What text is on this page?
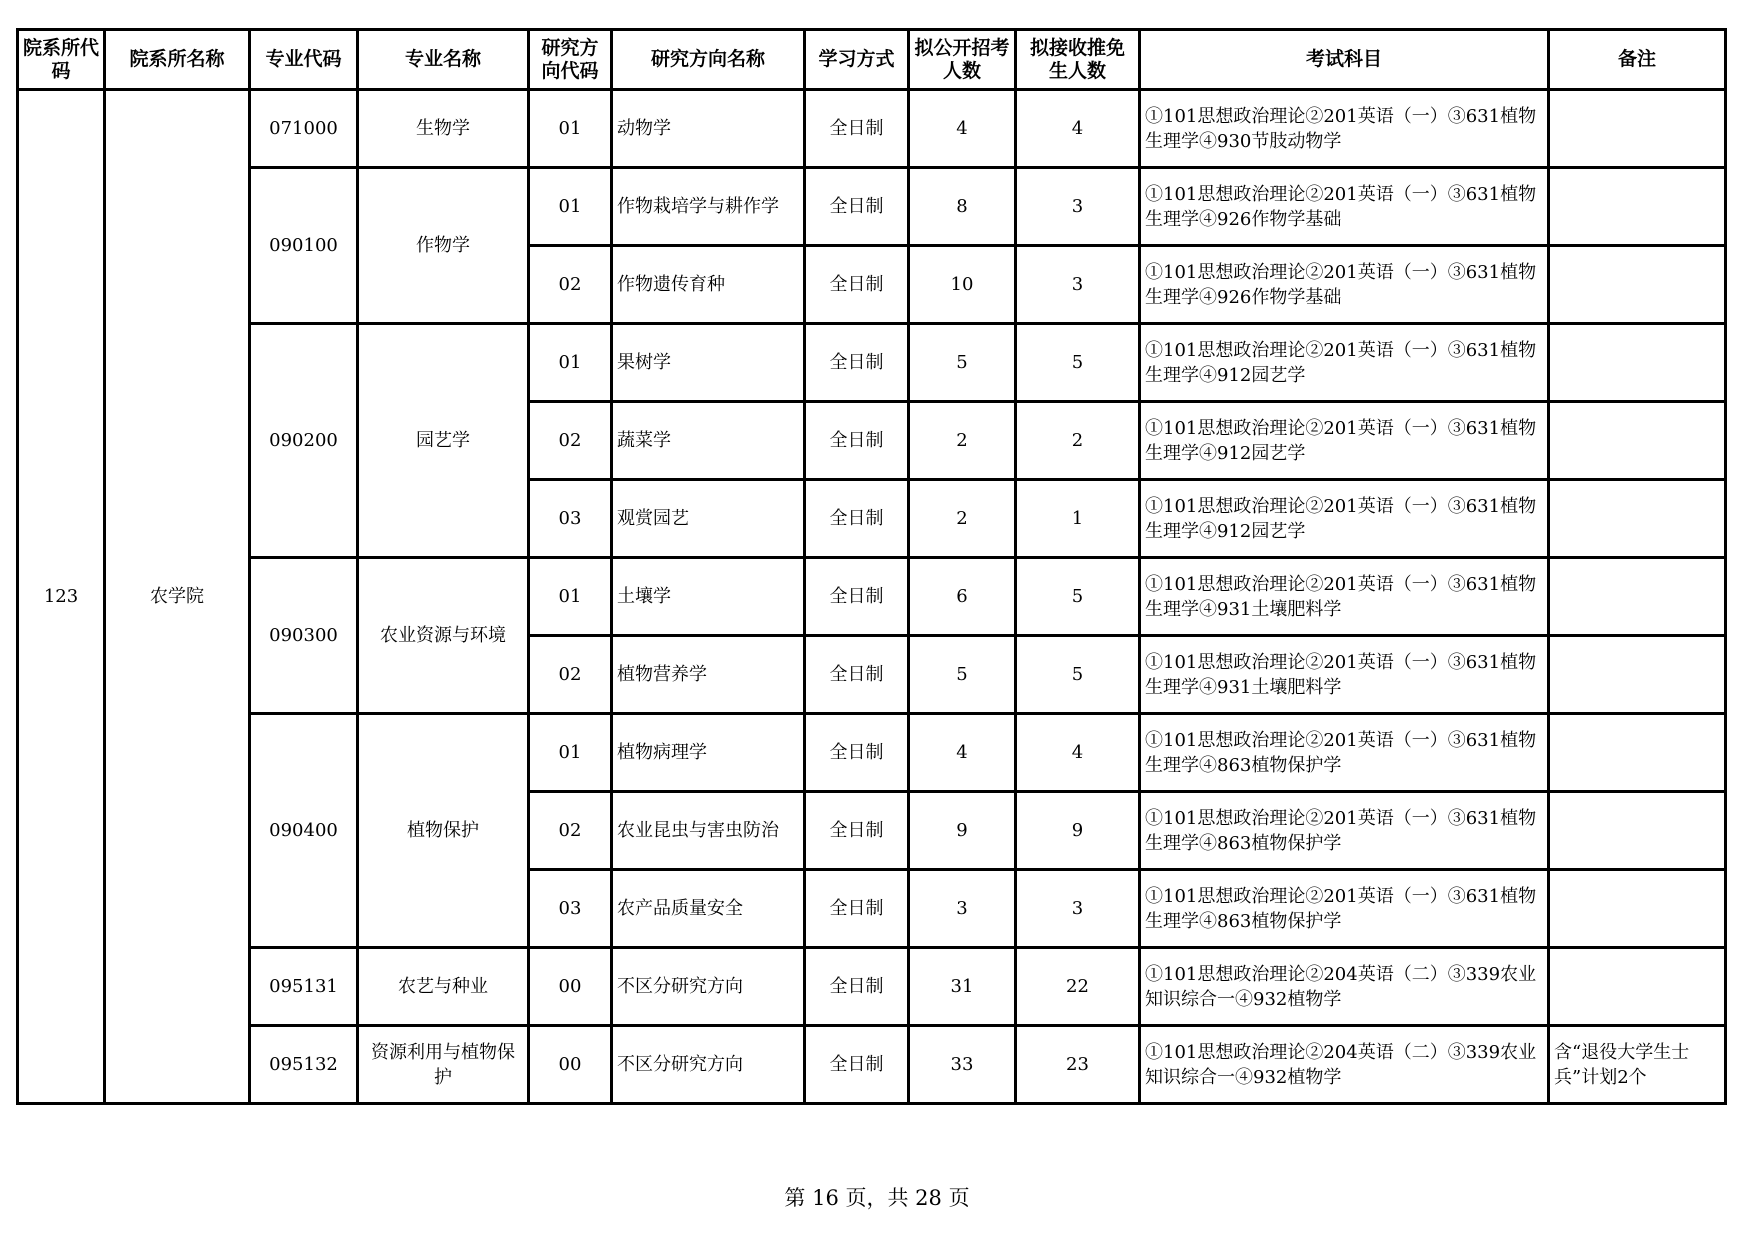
院系所代码	院系所名称	专业代码	专业名称	研究方向代码	研究方向名称	学习方式	拟公开招考人数	拟接收推免生人数	考试科目	备注
123	农学院	071000	生物学	01	动物学	全日制	4	4	①101思想政治理论②201英语（一）③631植物生理学④930节肢动物学	
		090100	作物学	01	作物栽培学与耕作学	全日制	8	3	①101思想政治理论②201英语（一）③631植物生理学④926作物学基础	
				02	作物遗传育种	全日制	10	3	①101思想政治理论②201英语（一）③631植物生理学④926作物学基础	
		090200	园艺学	01	果树学	全日制	5	5	①101思想政治理论②201英语（一）③631植物生理学④912园艺学	
				02	蔬菜学	全日制	2	2	①101思想政治理论②201英语（一）③631植物生理学④912园艺学	
				03	观赏园艺	全日制	2	1	①101思想政治理论②201英语（一）③631植物生理学④912园艺学	
		090300	农业资源与环境	01	土壤学	全日制	6	5	①101思想政治理论②201英语（一）③631植物生理学④931土壤肥料学	
				02	植物营养学	全日制	5	5	①101思想政治理论②201英语（一）③631植物生理学④931土壤肥料学	
		090400	植物保护	01	植物病理学	全日制	4	4	①101思想政治理论②201英语（一）③631植物生理学④863植物保护学	
				02	农业昆虫与害虫防治	全日制	9	9	①101思想政治理论②201英语（一）③631植物生理学④863植物保护学	
				03	农产品质量安全	全日制	3	3	①101思想政治理论②201英语（一）③631植物生理学④863植物保护学	
		095131	农艺与种业	00	不区分研究方向	全日制	31	22	①101思想政治理论②204英语（二）③339农业知识综合一④932植物学	
		095132	资源利用与植物保护	00	不区分研究方向	全日制	33	23	①101思想政治理论②204英语（二）③339农业知识综合一④932植物学	含“退役大学生士兵”计划2个
第 16 页，共 28 页
